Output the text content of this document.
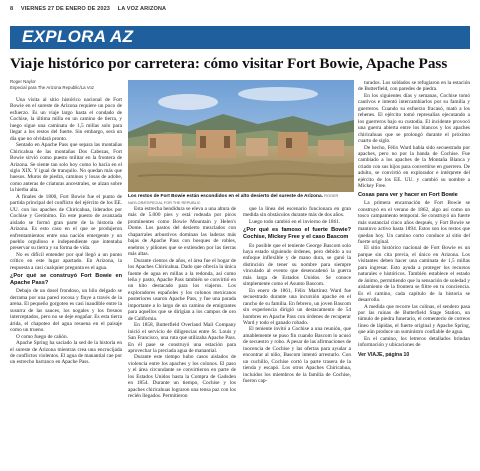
8 VIERNES 27 DE ENERO DE 2023 LA VOZ ARIZONA
EXPLORA AZ
Viaje histórico por carretera: cómo visitar Fort Bowie, Apache Pass
Roger Naylor
Especial para The Arizona Republic/La Voz

Una visita al sitio histórico nacional de Fort Bowie en el sureste de Arizona requiere un poco de esfuerzo. Es un viaje largo hasta el condado de Cochise, la última milla en un camino de tierra, y luego sigue una caminata de 1,5 millas solo para llegar a los restos del fuerte. Sin embargo, será un día que no olvidará pronto.

Sentado en Apache Pass que separa las montañas Chiricahua de las montañas Dos Cabezas, Fort Bowie sirvió como puesto militar en la frontera de Arizona. Se siente tan solo hoy como lo hacía en el siglo XIX. Y igual de tranquilo. No quedan más que huesos. Muros de piedra, caminos y losas de adobe, como anteras de criaturas ancestrales, se alzan sobre la hierba alta.

A finales de 1800, Fort Bowie fue el punto de partida principal del conflicto del ejército de los EE. UU. con los apaches de Chiricahua, liderados por Cochise y Gerónimo. En este puesto de avanzada aislado se formó gran parte de la historia de Arizona. Es esto caso en el que se produjeron enfrentamientos entre una nación emergente y un pueblo orgulloso e independiente que intentaba preservar su tierra y su forma de vida.

No es difícil entender por qué llegó a un punto crítico en este lugar apartado. En Arizona, la respuesta a casi cualquier pregunta es el agua.

¿Por qué se construyó Fort Bowie en Apache Pass?

Debajo de un dosel frondoso, un hilo delgado se derrama por una pared rocosa y fluye a través de la arena. El pequeño gorgoteo es casi inaudible entre la susurra de las sauces, los nogales y los fresnos interceptados, pero no se deje engañar. Es esta tierra árida, el chapoteo del agua resuena en el paisaje como un trueno.

O como fuego de cañón.

Apache Spring ha saciado la sed de la historia en el sureste de Arizona mientras crea una encrucijada de conflictos violentos. El agua de manantial cae por un estrecho barranco en Apache Pass.

Esta estrecha hendidura se eleva a una altura de más de 5.000 pies y está rodeada por picos prominentes como Bowie Mountain y Helen's Dome. Los pastos del desierto mezclados con chaparrales arbustivos dominan las laderas más bajas de Apache Pass con bosques de robles, enebros y piñones que se extienden por las tierras más altas.

Durante cientos de años, el área fue el hogar de los Apaches Chiricahua. Dado que ofrecía la única fuente de agua en millas a la redonda, así como leña y pasto, Apache Pass también se convirtió en un hito destacado para los viajeros. Los exploradores españoles y los colonos mexicanos posteriores usaron Apache Pass, y fue una parada importante a lo largo de un camino de emigrantes para aquellos que se dirigían a los campos de oro de California.

En 1858, Butterfield Overland Mail Company inició el servicio de diligencias entre St. Louis y San Francisco, una ruta que utilizaba Apache Pass. En él pase se construyó una estación para aprovechar la preciada agua de manantial.

Durante este tiempo hubo casos aislados de violencia entre los apaches y los colonos. El paso y el área circundante se convirtieron en parte de los Estados Unidos hasta la Compra de Gadsden en 1854. Durante un tiempo, Cochise y los apaches chiricahuas lograron una tensa paz con los recién llegados. Permitieron

que la línea del escenario funcionara en gran medida sin obstáculos durante más de dos años.

Luego todo cambió en el invierno de 1861.

¿Por qué es famoso el fuerte Bowie? Cochise, Mickey Free y el caso Bascom

Es posible que el teniente George Bascom solo haya estado siguiendo órdenes, pero debido a su enfoque inflexible y de mano dura, se ganó la distinción de tener su nombre para siempre vinculado al evento que desencadenó la guerra más larga de Estados Unidos. Se conoce simplemente como el Asunto Bascom.

En enero de 1861, Félix Martínez Ward fue secuestrado durante una incursión apache en el rancho de su familia. En febrero, un joven Bascom sin experiencia dirigió un destacamento de 54 hombres en Apache Pass con órdenes de recuperar Ward y todo el ganado robado.

El teniente invitó a Cochise a una reunión, que amablemente se puso fin cuando Bascom lo acusó de secuestro y robo. A pesar de las afirmaciones de inocencia de Cochise y las ofertas para ayudar a encontrar al niño, Bascom intentó arrestarlo. Con un cuchillo, Cochise cortó la parte trasera de la tienda y escapó. Los otros Apaches Chiricahua, incluidos los miembros de la familia de Cochise, fueron cap-

turados. Los soldados se refugiaron en la estación de Butterfield, con paredes de piedra.

En los siguientes días y semanas, Cochise tomó cautivos e intentó intercambiarlos por su familia y guerreros. Cuando su esfuerzo fracasó, mató a los rehenes. El ejército tomó represalias ejecutando a los guerreros bajo su custodia. El incidente provocó una guerra abierta entre los blancos y los apaches chiricahuas que se prolongó durante el próximo cuarto de siglo.

De hecho, Félix Ward había sido secuestrado por apaches, pero no por la banda de Cochise. Fue cambiado a los apaches de la Montaña Blanca y criado con sus hijos para convertirse en guerrero. De adulto, se convirtió en explorador e intérprete del ejército de los EE. UU. y cambió su nombre a Mickey Free.

Cosas para ver y hacer en Fort Bowie

La primera encarnación de Fort Bowie se construyó en el verano de 1862, algo así como un tosco campamento temporal. Se construyó un fuerte más sustancial cinco años después, y Fort Bowie se mantuvo activo hasta 1894. Estos son los restos que quedan hoy. Un camino corto conduce al sitio del fuerte original.

El sitio histórico nacional de Fort Bowie es un parque sin cita previa, el único en Arizona. Los visitantes deben hacer una caminata de 1,5 millas para ingresar. Esto ayuda a proteger los recursos naturales e históricos. También establece el estado de ánimo, permitiendo que la sensación de soledad y aislamiento de la frontera se filtre en tu conciencia. Es el camino, cada capítulo de la historia se desarrolla.

A medida que recorre las colinas, el sendero pasa por las ruinas de Butterfield Stage Station, un túmulo de piedra funerario, el cementerio de correos líneo de lápidas, el fuerte original y Apache Spring, que aún produce un suministro confiable de agua.

En el camino, los letreros detallados brindan información y ubicaciones de

Ver VIAJE, página 10

Los restos de Fort Bowie están escondidos en el alto desierto del sureste de Arizona. ROGER NAYLOR/ESPECIAL FOR THE REPUBLIC
